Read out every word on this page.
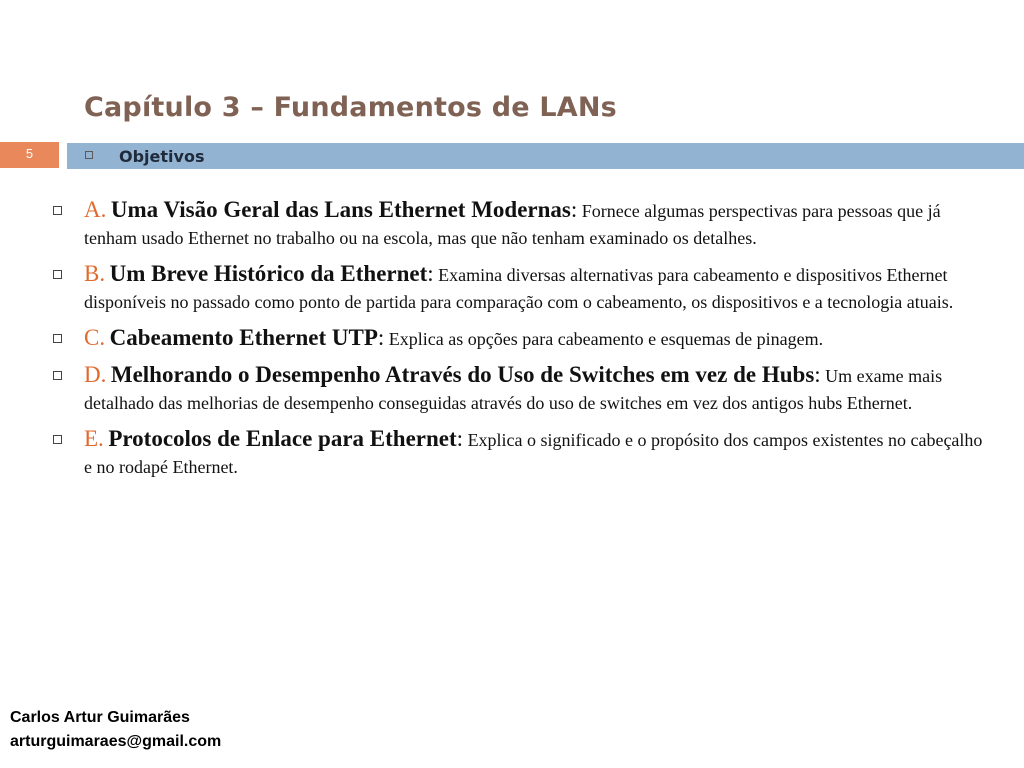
Capítulo 3 – Fundamentos de LANs
5	Objetivos
A. Uma Visão Geral das Lans Ethernet Modernas: Fornece algumas perspectivas para pessoas que já tenham usado Ethernet no trabalho ou na escola, mas que não tenham examinado os detalhes.
B. Um Breve Histórico da Ethernet: Examina diversas alternativas para cabeamento e dispositivos Ethernet disponíveis no passado como ponto de partida para comparação com o cabeamento, os dispositivos e a tecnologia atuais.
C. Cabeamento Ethernet UTP: Explica as opções para cabeamento e esquemas de pinagem.
D. Melhorando o Desempenho Através do Uso de Switches em vez de Hubs: Um exame mais detalhado das melhorias de desempenho conseguidas através do uso de switches em vez dos antigos hubs Ethernet.
E. Protocolos de Enlace para Ethernet: Explica o significado e o propósito dos campos existentes no cabeçalho e no rodapé Ethernet.
Carlos Artur Guimarães
arturguimaraes@gmail.com
